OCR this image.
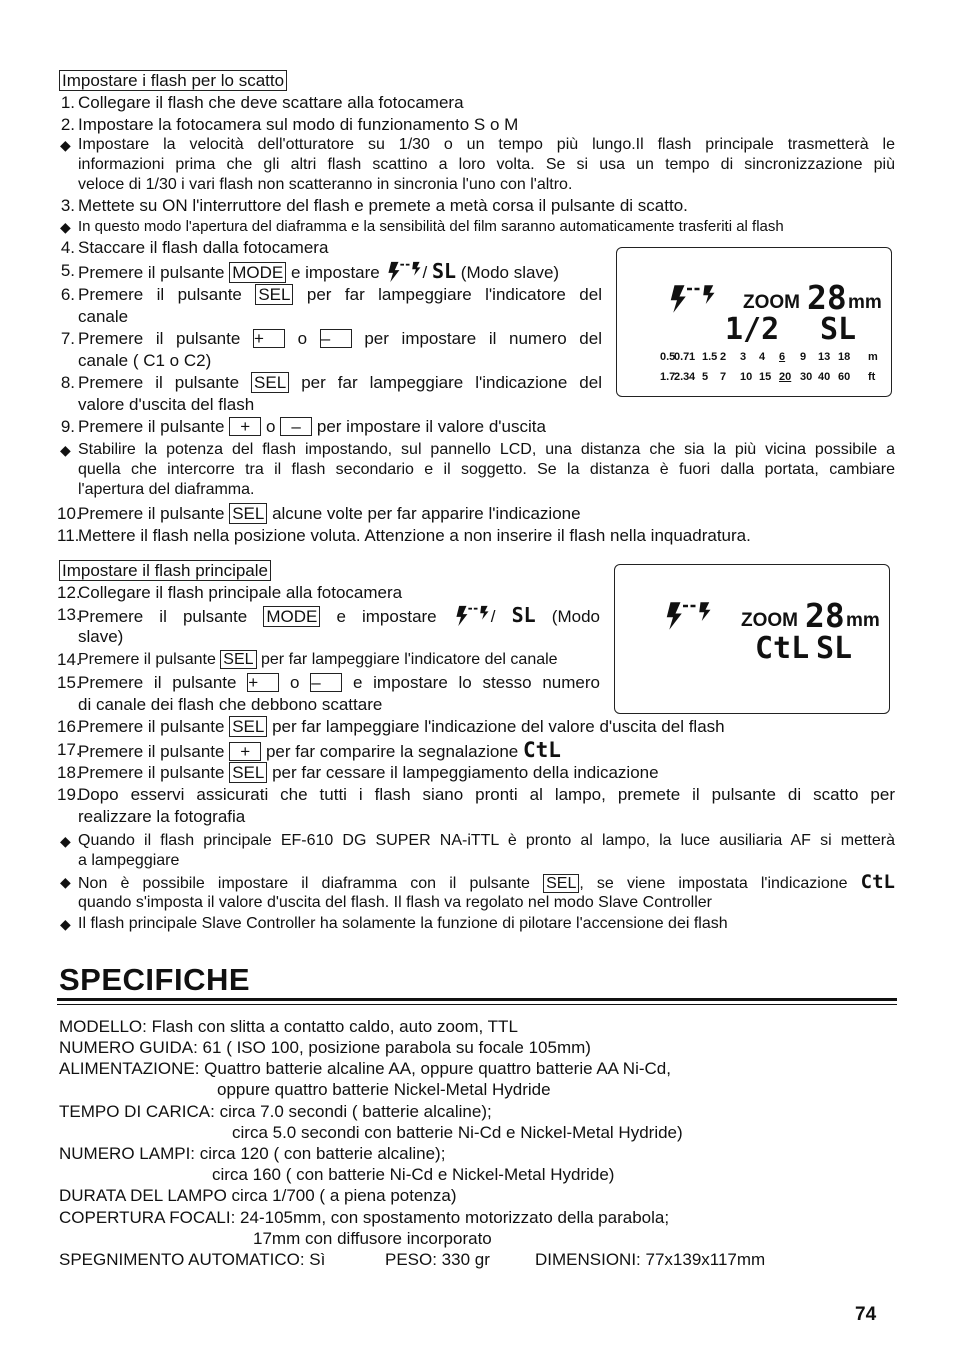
Impostare i flash per lo scatto
1. Collegare il flash che deve scattare alla fotocamera
2. Impostare la fotocamera sul modo di funzionamento S o M
◆ Impostare la velocità dell'otturatore su 1/30 o un tempo più lungo.Il flash principale trasmetterà le
informazioni prima che gli altri flash scattino a loro volta. Se si usa un tempo di sincronizzazione più
veloce di 1/30 i vari flash non scatteranno in sincronia l'uno con l'altro.
3. Mettete su ON l'interruttore del flash e premete a metà corsa il pulsante di scatto.
◆ In questo modo l'apertura del diaframma e la sensibilità del film saranno automaticamente trasferiti al flash
4. Staccare il flash dalla fotocamera
5. Premere il pulsante MODE e impostare	/ SL (Modo slave)
6. Premere il pulsante SEL per far lampeggiare l'indicatore del
canale
7. Premere il pulsante + o – per impostare il numero del
canale ( C1 o C2)
8. Premere il pulsante SEL per far lampeggiare l'indicazione del
valore d'uscita del flash
9. Premere il pulsante + o – per impostare il valore d'uscita
◆ Stabilire la potenza del flash impostando, sul pannello LCD, una distanza che sia la più vicina possibile a
quella che intercorre tra il flash secondario e il soggetto. Se la distanza è fuori dalla portata, cambiare
l'apertura del diaframma.
10.
Premere il pulsante SEL alcune volte per far apparire l'indicazione
11.
Mettere il flash nella posizione voluta. Attenzione a non inserire il flash nella inquadratura.
ZOOM 28 mm
1/2 SL
0.5
0.7 1 1.5 2 3 4 6 9 13 18 m
1.7
2.3 4 5 7 10 15 20 30 40 60 ft
Impostare il flash principale
12.
Collegare il flash principale alla fotocamera
13.
Premere il pulsante MODE e impostare	/ SL (Modo
slave)
14.
Premere il pulsante SEL per far lampeggiare l'indicatore del canale
15.
Premere il pulsante + o – e impostare lo stesso numero
di canale dei flash che debbono scattare
16.
Premere il pulsante SEL per far lampeggiare l'indicazione del valore d'uscita del flash
17.
Premere il pulsante + per far comparire la segnalazione CtL
18.
Premere il pulsante SEL per far cessare il lampeggiamento della indicazione
19.
Dopo esservi assicurati che tutti i flash siano pronti al lampo, premete il pulsante di scatto per
realizzare la fotografia
◆ Quando il flash principale EF-610 DG SUPER NA-iTTL è pronto al lampo, la luce ausiliaria AF si metterà
a lampeggiare
◆ Non è possibile impostare il diaframma con il pulsante SEL , se viene impostata l'indicazione CtL
quando s'imposta il valore d'uscita del flash. Il flash va regolato nel modo Slave Controller
◆ Il flash principale Slave Controller ha solamente la funzione di pilotare l'accensione dei flash
ZOOM 28 mm
CtL SL
SPECIFICHE
MODELLO: Flash con slitta a contatto caldo, auto zoom, TTL
NUMERO GUIDA: 61 ( ISO 100, posizione parabola su focale 105mm)
ALIMENTAZIONE: Quattro batterie alcaline AA, oppure quattro batterie AA Ni-Cd,
oppure quattro batterie Nickel-Metal Hydride
TEMPO DI CARICA: circa 7.0 secondi ( batterie alcaline);
circa 5.0 secondi con batterie Ni-Cd e Nickel-Metal Hydride)
NUMERO LAMPI: circa 120 ( con batterie alcaline);
circa 160 ( con batterie Ni-Cd e Nickel-Metal Hydride)
DURATA DEL LAMPO circa 1/700 ( a piena potenza)
COPERTURA FOCALI: 24-105mm, con spostamento motorizzato della parabola;
17mm con diffusore incorporato
SPEGNIMENTO AUTOMATICO: Sì	PESO: 330 gr	DIMENSIONI: 77x139x117mm
74
